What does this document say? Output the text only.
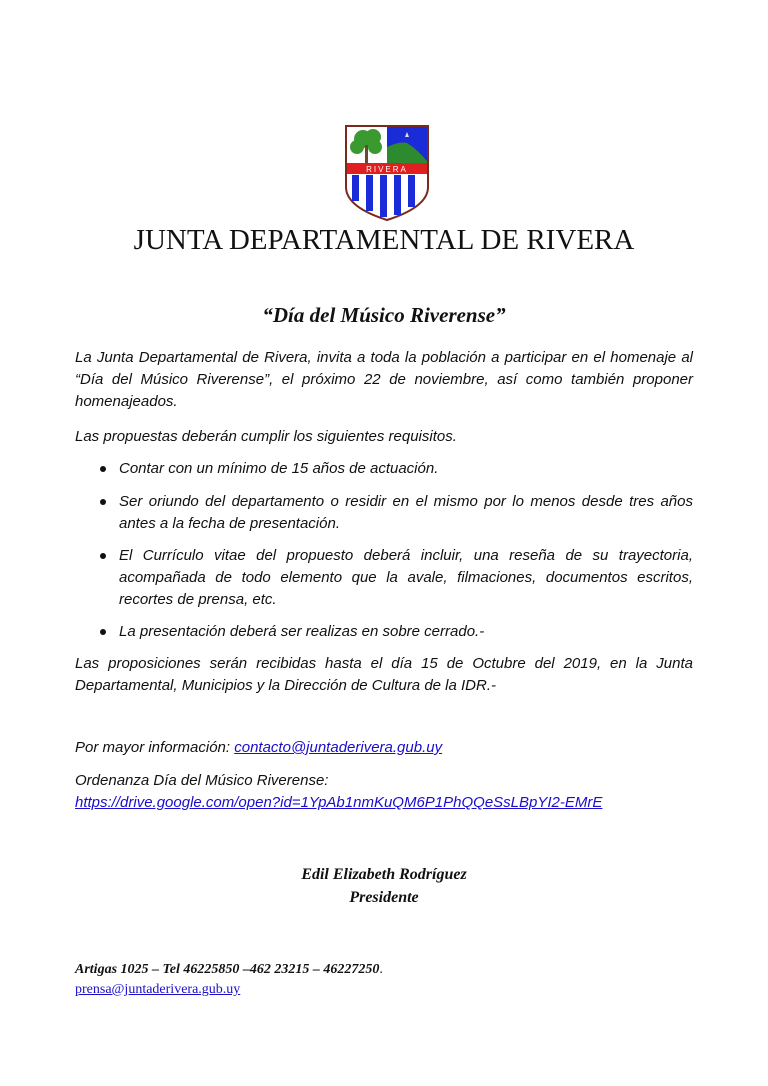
RIVERA
JUNTA DEPARTAMENTAL DE RIVERA
“Día del Músico Riverense”
La Junta Departamental de Rivera, invita a toda la población a participar en el homenaje al “Día del Músico Riverense”, el próximo 22 de noviembre, así como también proponer homenajeados.
Las propuestas deberán cumplir los siguientes requisitos.
Contar con un mínimo de 15 años de actuación.
Ser oriundo del departamento o residir en el mismo por lo menos desde tres años antes a la fecha de presentación.
El Currículo vitae del propuesto deberá incluir, una reseña de su trayectoria, acompañada de todo elemento que la avale, filmaciones, documentos escritos, recortes de prensa, etc.
La presentación deberá ser realizas en sobre cerrado.-
Las proposiciones serán recibidas hasta el día 15 de Octubre del 2019, en la Junta Departamental, Municipios y la Dirección de Cultura de la IDR.-
Por mayor información: contacto@juntaderivera.gub.uy

Ordenanza Día del Músico Riverense:

https://drive.google.com/open?id=1YpAb1nmKuQM6P1PhQQeSsLBpYI2-EMrE

Edil Elizabeth Rodríguez
Presidente
Artigas 1025 – Tel 46225850 –462 23215 – 46227250.
prensa@juntaderivera.gub.uy
